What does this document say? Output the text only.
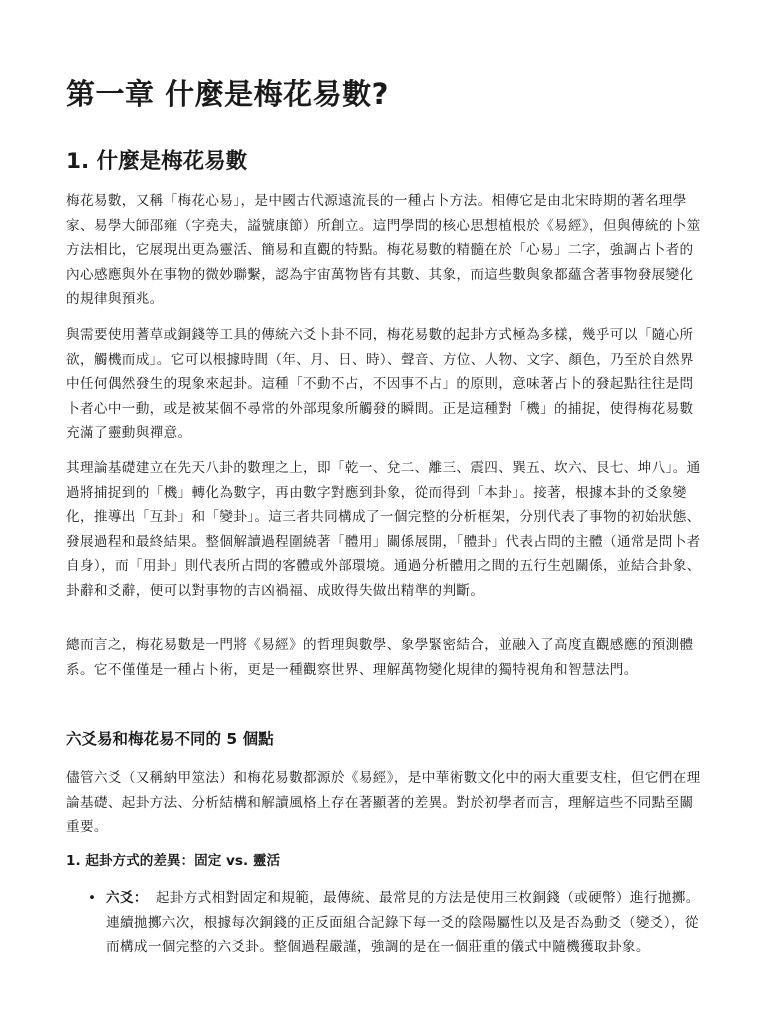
第一章 什麼是梅花易數?
1. 什麼是梅花易數

梅花易數，又稱「梅花心易」，是中國古代源遠流長的一種占卜方法。相傳它是由北宋時期的著名理學家、易學大師邵雍（字堯夫，謚號康節）所創立。這門學問的核心思想植根於《易經》，但與傳統的卜筮方法相比，它展現出更為靈活、簡易和直觀的特點。梅花易數的精髓在於「心易」二字，強調占卜者的內心感應與外在事物的微妙聯繫，認為宇宙萬物皆有其數、其象，而這些數與象都蘊含著事物發展變化的規律與預兆。

與需要使用蓍草或銅錢等工具的傳統六爻卜卦不同，梅花易數的起卦方式極為多樣，幾乎可以「隨心所欲，觸機而成」。它可以根據時間（年、月、日、時）、聲音、方位、人物、文字、顏色，乃至於自然界中任何偶然發生的現象來起卦。這種「不動不占，不因事不占」的原則，意味著占卜的發起點往往是問卜者心中一動，或是被某個不尋常的外部現象所觸發的瞬間。正是這種對「機」的捕捉，使得梅花易數充滿了靈動與禪意。

其理論基礎建立在先天八卦的數理之上，即「乾一、兌二、離三、震四、巽五、坎六、艮七、坤八」。通過將捕捉到的「機」轉化為數字，再由數字對應到卦象，從而得到「本卦」。接著，根據本卦的爻象變化，推導出「互卦」和「變卦」。這三者共同構成了一個完整的分析框架，分別代表了事物的初始狀態、發展過程和最終結果。整個解讀過程圍繞著「體用」關係展開，「體卦」代表占問的主體（通常是問卜者自身），而「用卦」則代表所占問的客體或外部環境。通過分析體用之間的五行生剋關係，並結合卦象、卦辭和爻辭，便可以對事物的吉凶禍福、成敗得失做出精準的判斷。

總而言之，梅花易數是一門將《易經》的哲理與數學、象學緊密結合，並融入了高度直觀感應的預測體系。它不僅僅是一種占卜術，更是一種觀察世界、理解萬物變化規律的獨特視角和智慧法門。

六爻易和梅花易不同的 5 個點

儘管六爻（又稱納甲筮法）和梅花易數都源於《易經》，是中華術數文化中的兩大重要支柱，但它們在理論基礎、起卦方法、分析結構和解讀風格上存在著顯著的差異。對於初學者而言，理解這些不同點至關重要。

1. 起卦方式的差異：固定 vs. 靈活
• 六爻： 起卦方式相對固定和規範，最傳統、最常見的方法是使用三枚銅錢（或硬幣）進行拋擲。連續拋擲六次，根據每次銅錢的正反面組合記錄下每一爻的陰陽屬性以及是否為動爻（變爻），從而構成一個完整的六爻卦。整個過程嚴謹，強調的是在一個莊重的儀式中隨機獲取卦象。
